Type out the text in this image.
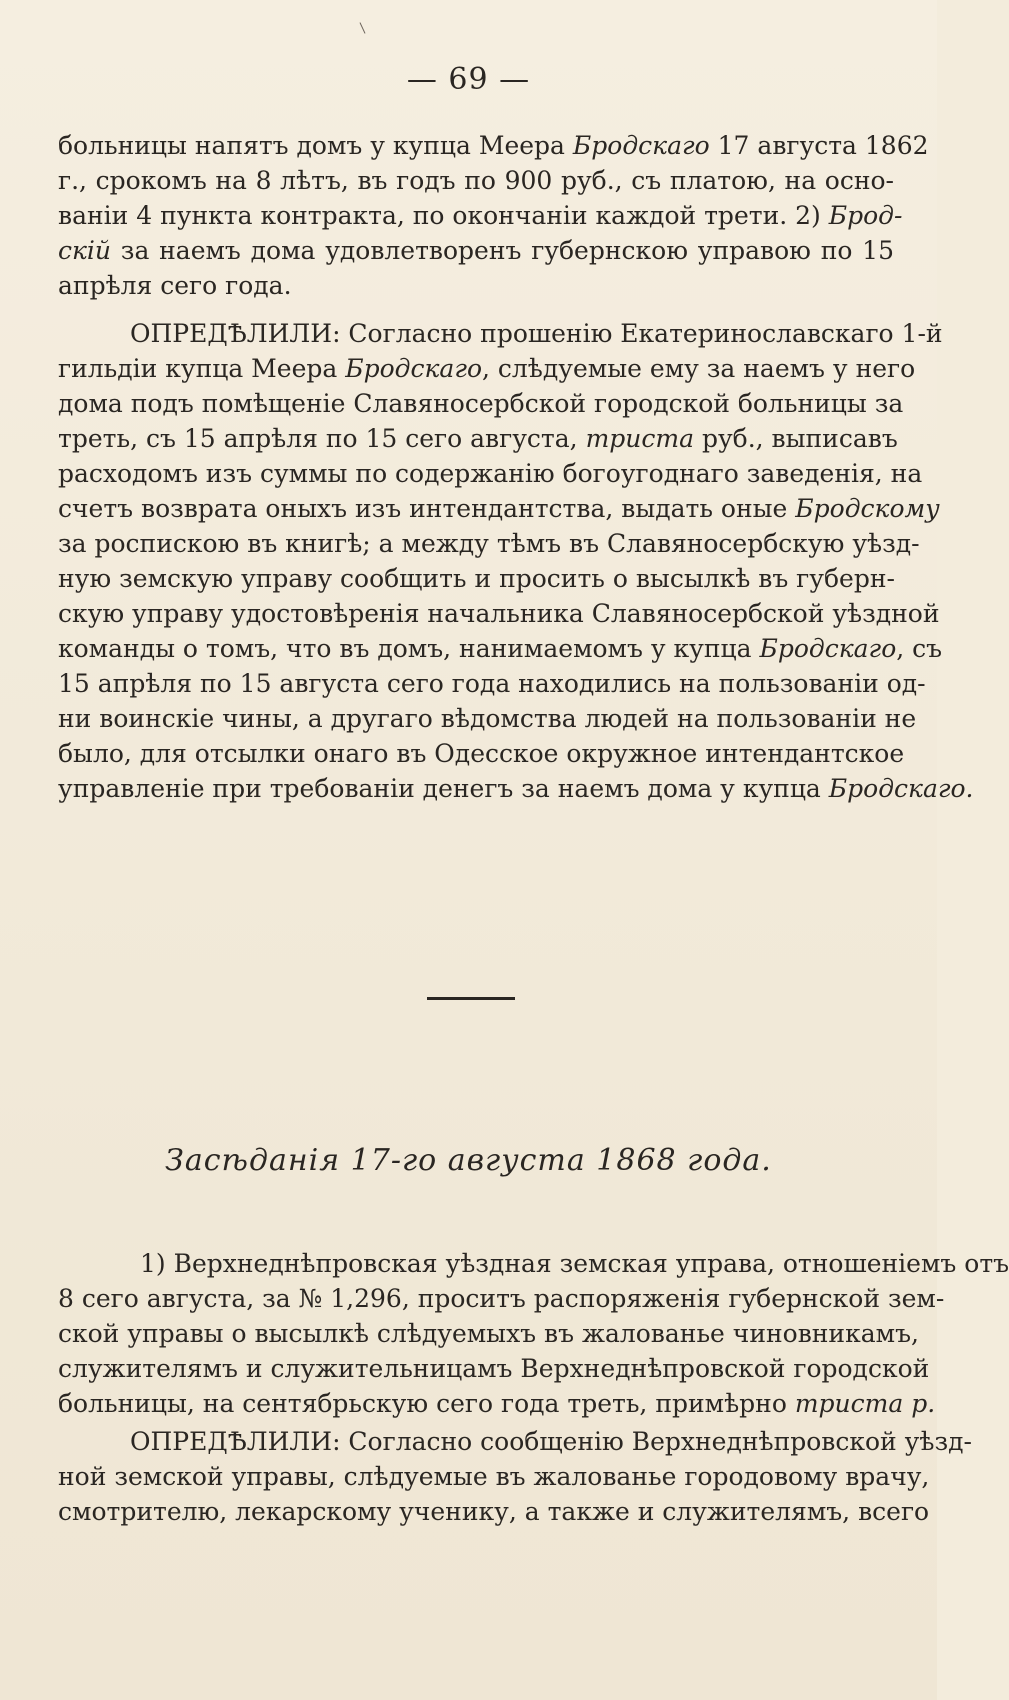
— 69 —
больницы напятъ домъ у купца Меера Бродскаго 17 августа 1862
г., срокомъ на 8 лѣтъ, въ годъ по 900 руб., съ платою, на осно-
ваніи 4 пункта контракта, по окончаніи каждой трети. 2) Брод-
скій за наемъ дома удовлетворенъ губернскою управою по 15
апрѣля сего года.
ОПРЕДѢЛИЛИ: Согласно прошенію Екатеринославскаго 1-й
гильдіи купца Меера Бродскаго, слѣдуемые ему за наемъ у него
дома подъ помѣщеніе Славяносербской городской больницы за
треть, съ 15 апрѣля по 15 сего августа, триста руб., выписавъ
расходомъ изъ суммы по содержанію богоугоднаго заведенія, на
счетъ возврата оныхъ изъ интендантства, выдать оные Бродскому
за роспискою въ книгѣ; а между тѣмъ въ Славяносербскую уѣзд-
ную земскую управу сообщить и просить о высылкѣ въ губерн-
скую управу удостовѣренія начальника Славяносербской уѣздной
команды о томъ, что въ домъ, нанимаемомъ у купца Бродскаго, съ
15 апрѣля по 15 августа сего года находились на пользованіи од-
ни воинскіе чины, а другаго вѣдомства людей на пользованіи не
было, для отсылки онаго въ Одесское окружное интендантское
управленіе при требованіи денегъ за наемъ дома у купца Бродскаго.
Засѣданія 17-го августа 1868 года.
1) Верхнеднѣпровская уѣздная земская управа, отношеніемъ отъ
8 сего августа, за № 1,296, проситъ распоряженія губернской зем-
ской управы о высылкѣ слѣдуемыхъ въ жалованье чиновникамъ,
служителямъ и служительницамъ Верхнеднѣпровской городской
больницы, на сентябрьскую сего года треть, примѣрно триста р.
ОПРЕДѢЛИЛИ: Согласно сообщенію Верхнеднѣпровской уѣзд-
ной земской управы, слѣдуемые въ жалованье городовому врачу,
смотрителю, лекарскому ученику, а также и служителямъ, всего
